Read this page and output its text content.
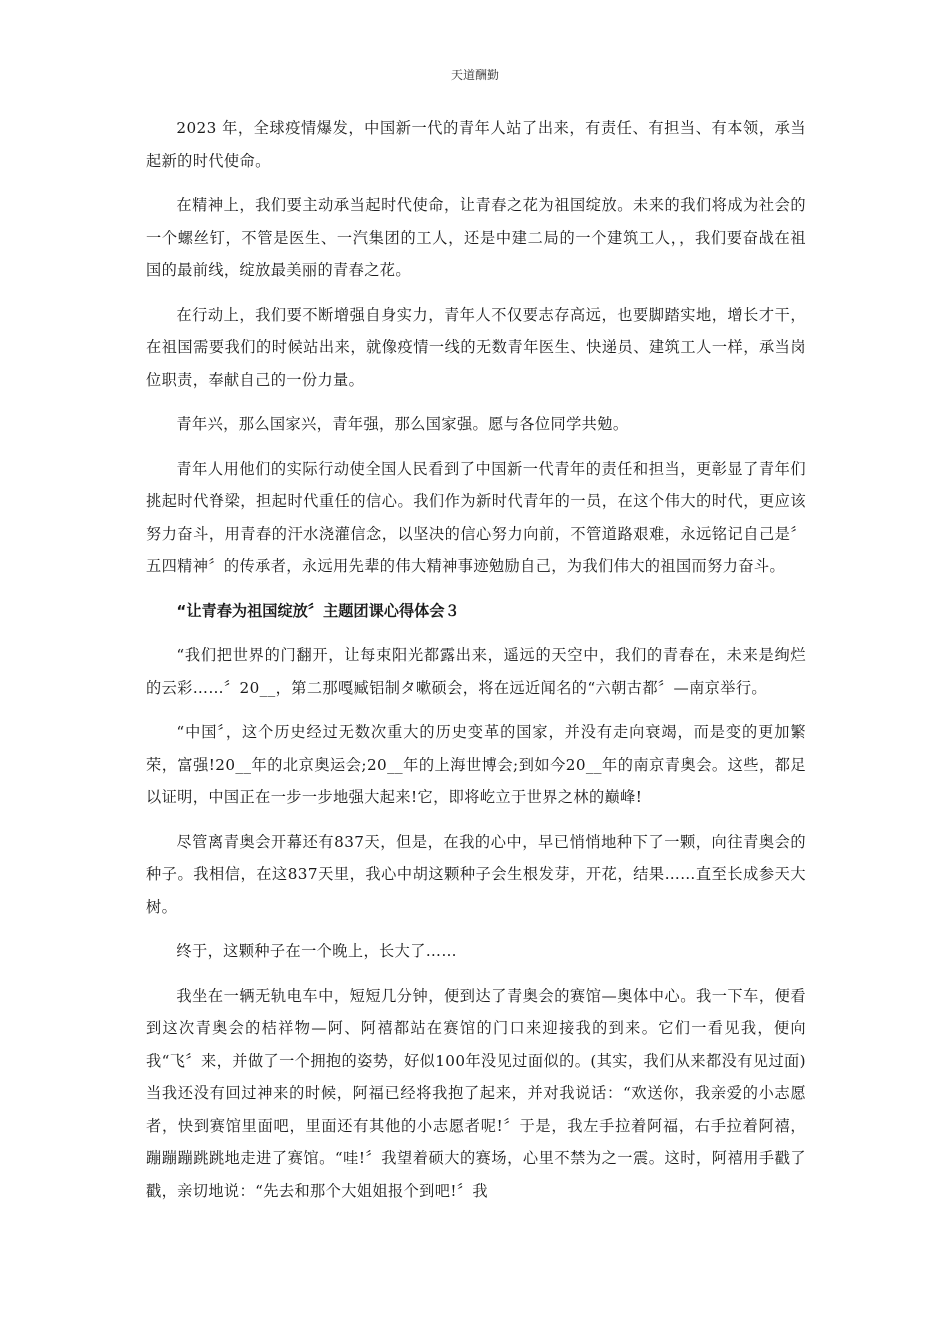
天道酬勤

2023 年，全球疫情爆发，中国新一代的青年人站了出来，有责任、有担当、有本领，承当起新的时代使命。

在精神上，我们要主动承当起时代使命，让青春之花为祖国绽放。未来的我们将成为社会的一个螺丝钉，不管是医生、一汽集团的工人，还是中建二局的一个建筑工人，，我们要奋战在祖国的最前线，绽放最美丽的青春之花。

在行动上，我们要不断增强自身实力，青年人不仅要志存高远，也要脚踏实地，增长才干，在祖国需要我们的时候站出来，就像疫情一线的无数青年医生、快递员、建筑工人一样，承当岗位职责，奉献自己的一份力量。

青年兴，那么国家兴，青年强，那么国家强。愿与各位同学共勉。

青年人用他们的实际行动使全国人民看到了中国新一代青年的责任和担当，更彰显了青年们挑起时代脊梁，担起时代重任的信心。我们作为新时代青年的一员，在这个伟大的时代，更应该努力奋斗，用青春的汗水浇灌信念，以坚决的信心努力向前，不管道路艰难，永远铭记自己是〞五四精神〞的传承者，永远用先辈的伟大精神事迹勉励自己，为我们伟大的祖国而努力奋斗。

“让青春为祖国绽放〞主题团课心得体会３

“我们把世界的门翻开，让每束阳光都露出来，遥远的天空中，我们的青春在，未来是绚烂的云彩……〞20__，第二那嘎臧铝制タ嗽硕会，将在远近闻名的“六朝古都〞—南京举行。

“中国〞，这个历史经过无数次重大的历史变革的国家，并没有走向衰竭，而是变的更加繁荣，富强!20__年的北京奥运会;20__年的上海世博会;到如今20__年的南京青奥会。这些，都足以证明，中国正在一步一步地强大起来!它，即将屹立于世界之林的巅峰!

尽管离青奥会开幕还有837天，但是，在我的心中，早已悄悄地种下了一颗，向往青奥会的种子。我相信，在这837天里，我心中胡这颗种子会生根发芽，开花，结果……直至长成参天大树。

终于，这颗种子在一个晚上，长大了……

我坐在一辆无轨电车中，短短几分钟，便到达了青奥会的赛馆—奥体中心。我一下车，便看到这次青奥会的桔祥物—阿、阿禧都站在赛馆的门口来迎接我的到来。它们一看见我，便向我“飞〞来，并做了一个拥抱的姿势，好似100年没见过面似的。(其实，我们从来都没有见过面)当我还没有回过神来的时候，阿福已经将我抱了起来，并对我说话：“欢送你，我亲爱的小志愿者，快到赛馆里面吧，里面还有其他的小志愿者呢!〞于是，我左手拉着阿福，右手拉着阿禧，蹦蹦蹦跳跳地走进了赛馆。“哇!〞我望着硕大的赛场，心里不禁为之一震。这时，阿禧用手戳了戳，亲切地说：“先去和那个大姐姐报个到吧!〞我
